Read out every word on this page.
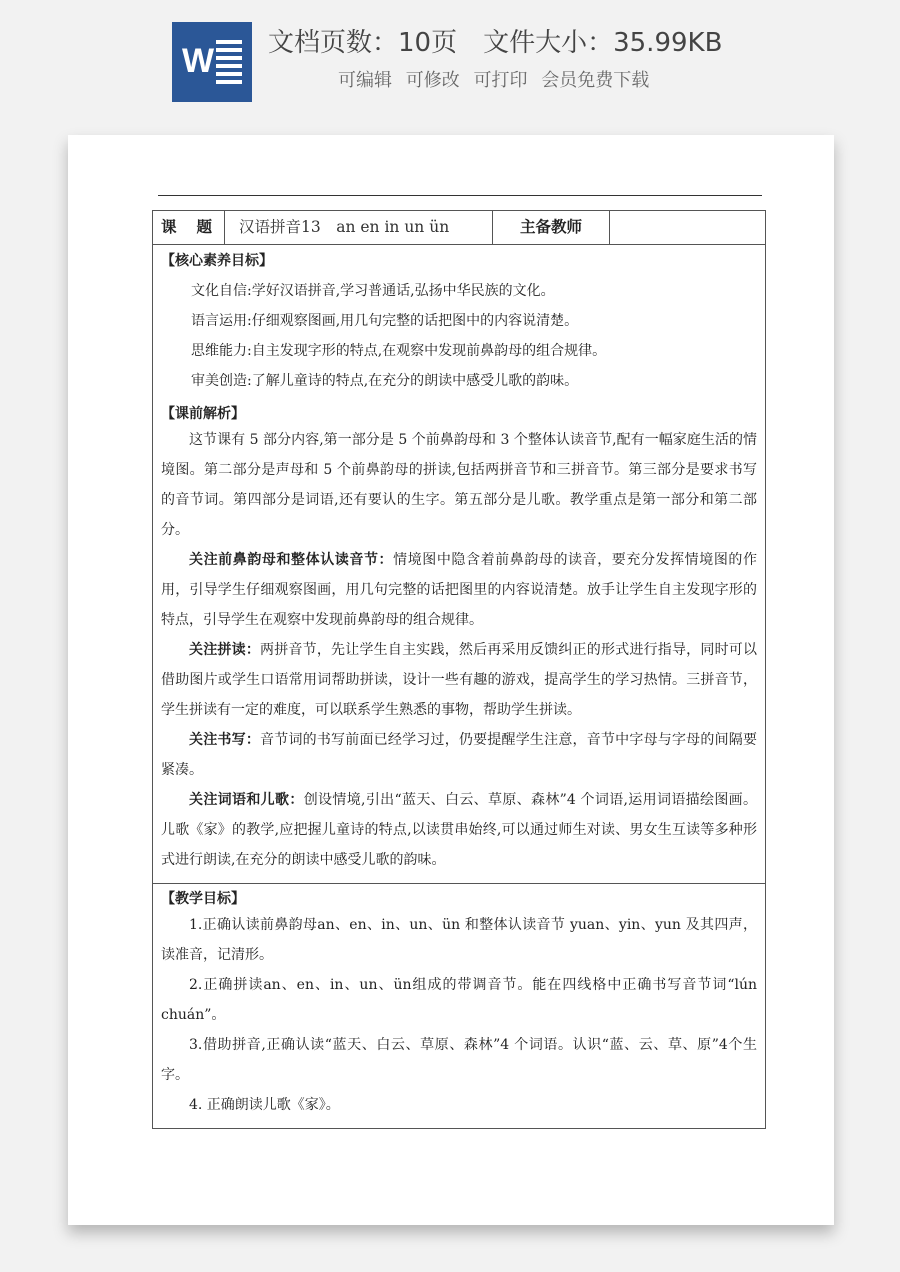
W 文档页数：10页 文件大小：35.99KB
可编辑 可修改 可打印 会员免费下载
课 题	汉语拼音13　an en in un ün	主备教师
【核心素养目标】
文化自信:学好汉语拼音,学习普通话,弘扬中华民族的文化。
语言运用:仔细观察图画,用几句完整的话把图中的内容说清楚。
思维能力:自主发现字形的特点,在观察中发现前鼻韵母的组合规律。
审美创造:了解儿童诗的特点,在充分的朗读中感受儿歌的韵味。
【课前解析】

这节课有 5 部分内容,第一部分是 5 个前鼻韵母和 3 个整体认读音节,配有一幅家庭生活的情境图。第二部分是声母和 5 个前鼻韵母的拼读,包括两拼音节和三拼音节。第三部分是要求书写的音节词。第四部分是词语,还有要认的生字。第五部分是儿歌。教学重点是第一部分和第二部分。

关注前鼻韵母和整体认读音节：情境图中隐含着前鼻韵母的读音，要充分发挥情境图的作用，引导学生仔细观察图画，用几句完整的话把图里的内容说清楚。放手让学生自主发现字形的特点，引导学生在观察中发现前鼻韵母的组合规律。

关注拼读：两拼音节，先让学生自主实践，然后再采用反馈纠正的形式进行指导，同时可以借助图片或学生口语常用词帮助拼读，设计一些有趣的游戏，提高学生的学习热情。三拼音节，学生拼读有一定的难度，可以联系学生熟悉的事物，帮助学生拼读。

关注书写：音节词的书写前面已经学习过，仍要提醒学生注意，音节中字母与字母的间隔要紧凑。

关注词语和儿歌：创设情境,引出“蓝天、白云、草原、森林”4 个词语,运用词语描绘图画。儿歌《家》的教学,应把握儿童诗的特点,以读贯串始终,可以通过师生对读、男女生互读等多种形式进行朗读,在充分的朗读中感受儿歌的韵味。

【教学目标】

1.正确认读前鼻韵母an、en、in、un、ün 和整体认读音节 yuan、yin、yun 及其四声，读准音，记清形。

2.正确拼读an、en、in、un、ün组成的带调音节。能在四线格中正确书写音节词“lún chuán”。

3.借助拼音,正确认读“蓝天、白云、草原、森林”4 个词语。认识“蓝、云、草、原”4个生字。

4. 正确朗读儿歌《家》。
